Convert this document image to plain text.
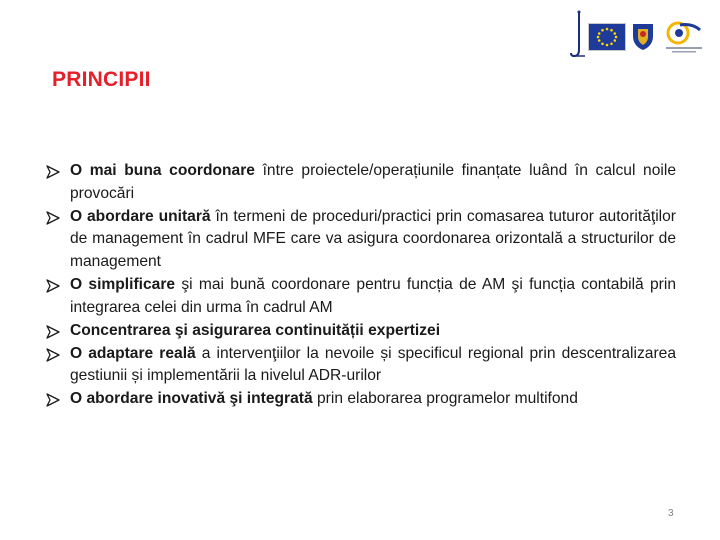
PRINCIPII
O mai buna coordonare între proiectele/operațiunile finanțate luând în calcul noile provocări
O abordare unitară în termeni de proceduri/practici prin comasarea tuturor autorităţilor de management în cadrul MFE care va asigura coordonarea orizontală a structurilor de management
O simplificare şi mai bună coordonare pentru funcția de AM şi funcția contabilă prin integrarea celei din urma în cadrul AM
Concentrarea şi asigurarea continuității expertizei
O adaptare reală a intervenţiilor la nevoile și specificul regional prin descentralizarea gestiunii și implementării la nivelul ADR-urilor
O abordare inovativă şi integrată prin elaborarea programelor multifond
3
